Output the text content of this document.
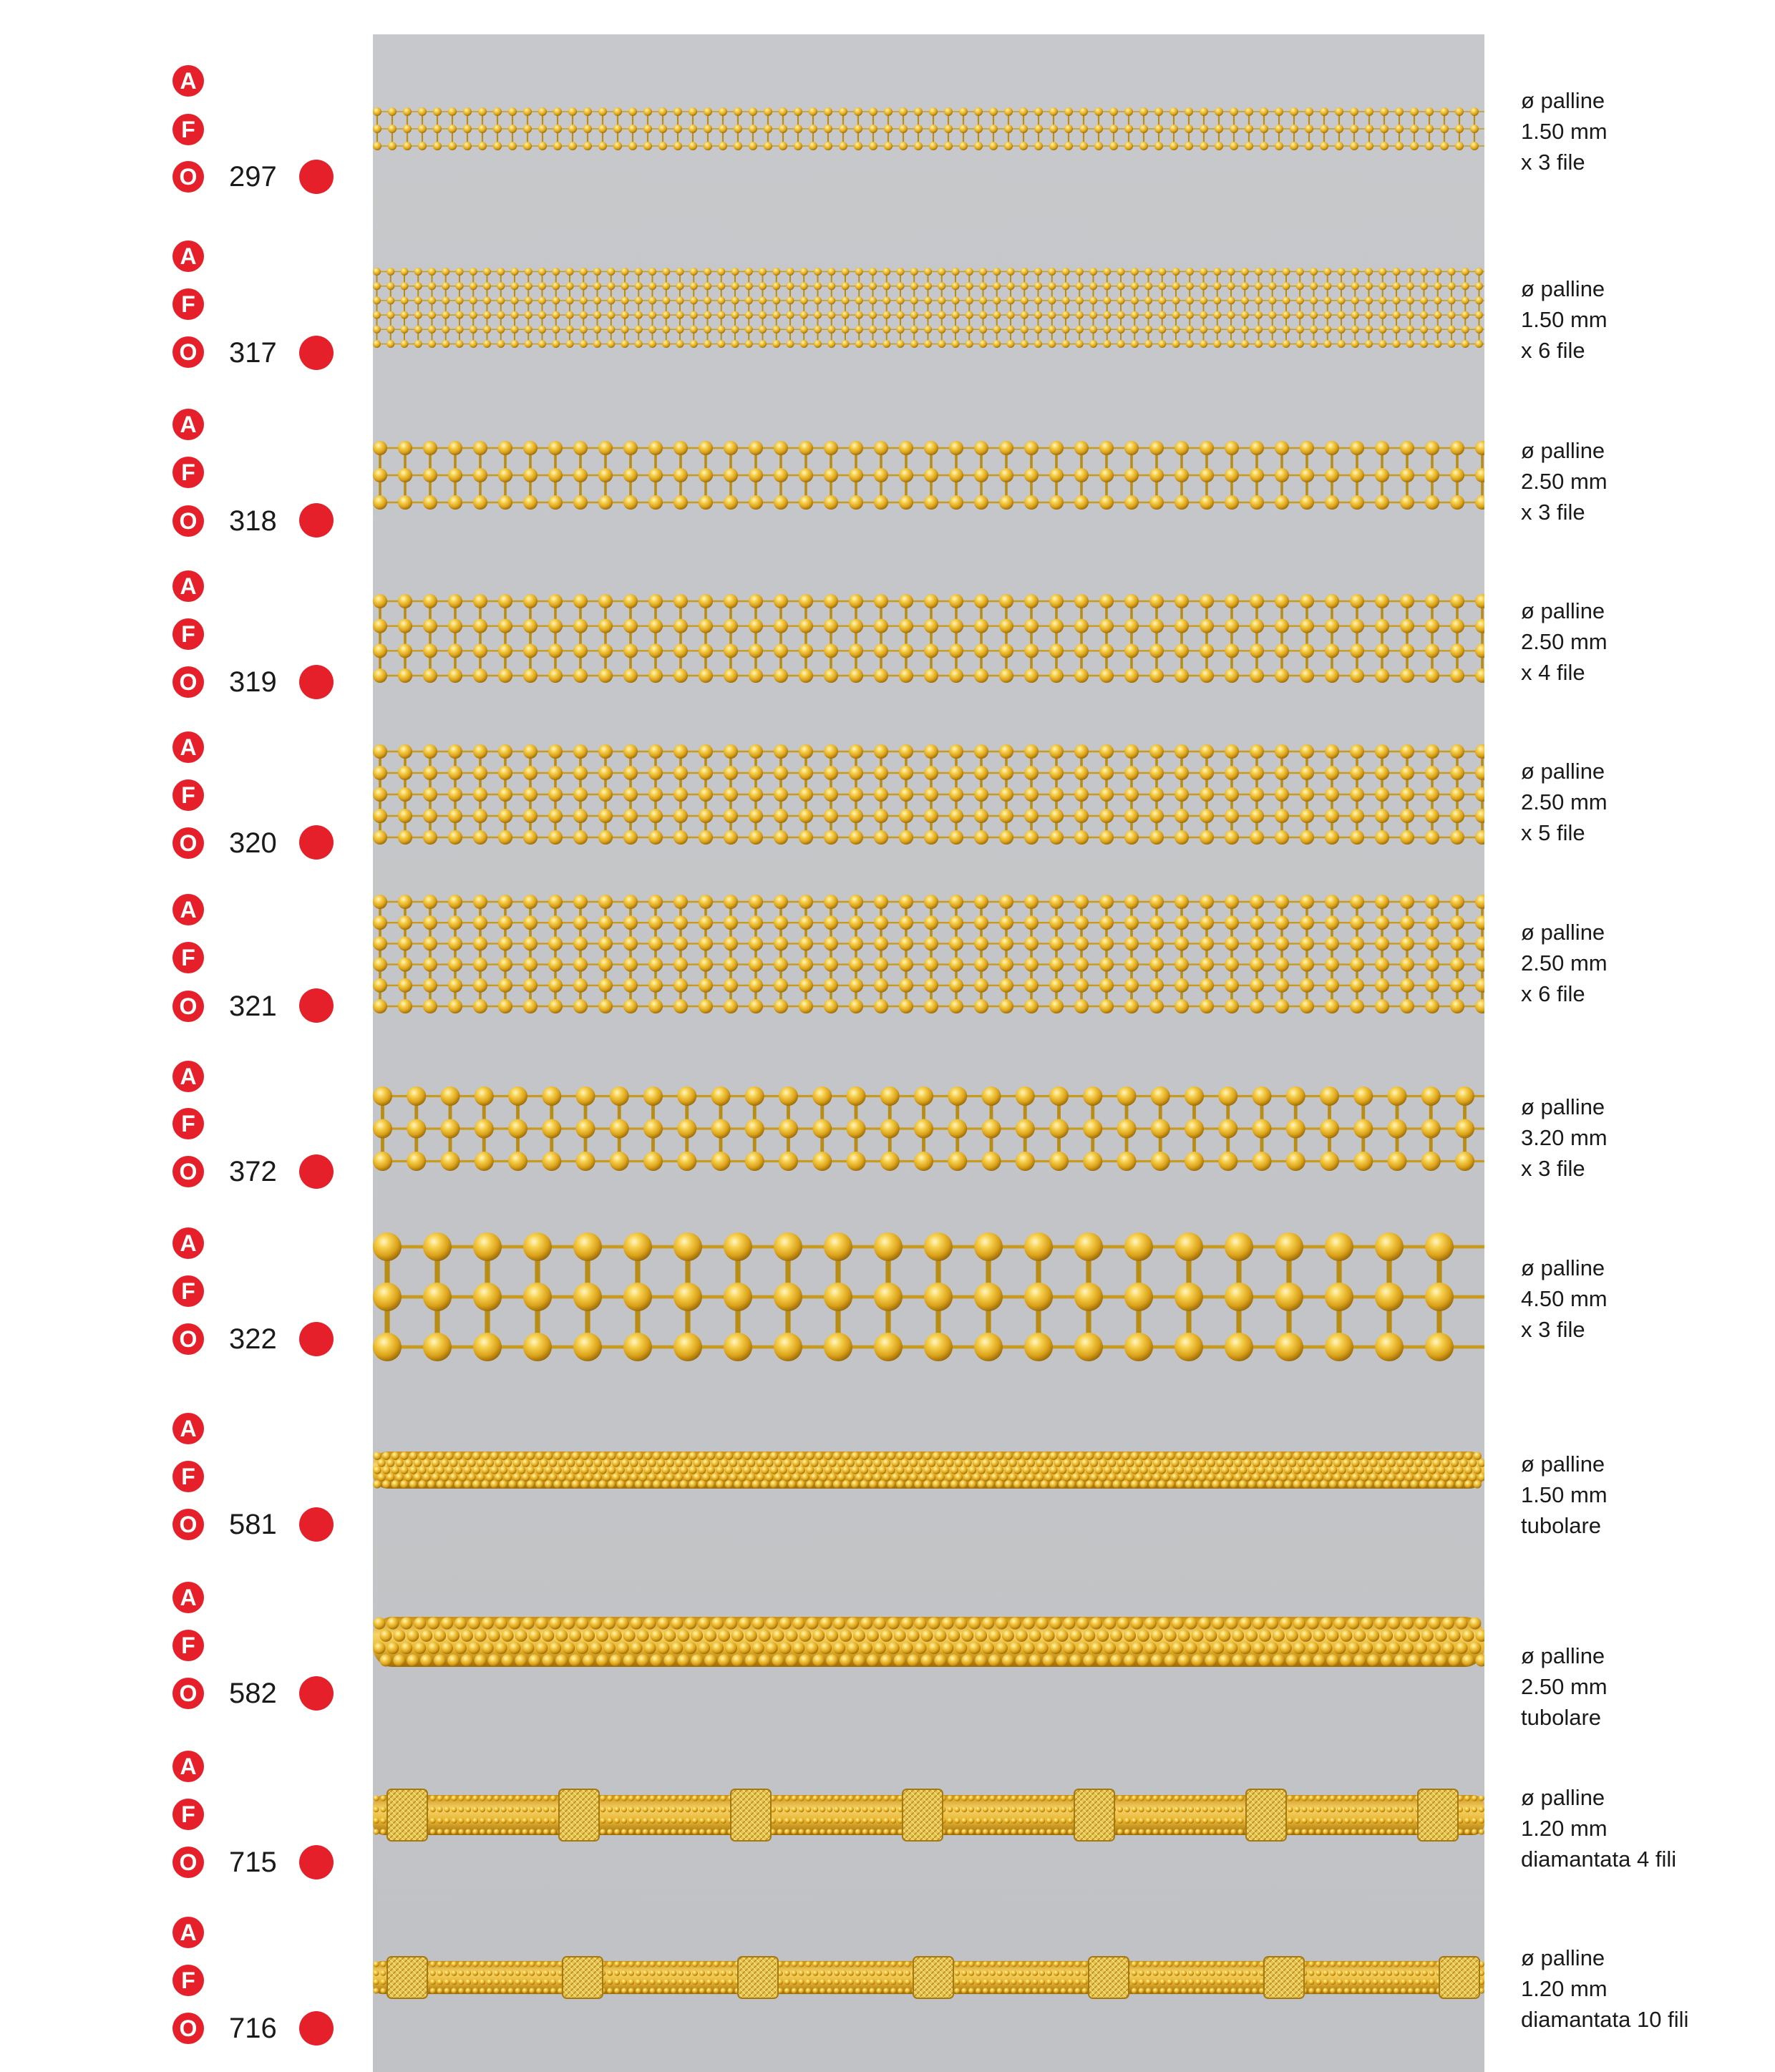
A
F
O 297
ø palline
1.50 mm
x 3 file
A
F
O 317
ø palline
1.50 mm
x 6 file
A
F
O 318
ø palline
2.50 mm
x 3 file
A
F
O 319
ø palline
2.50 mm
x 4 file
A
F
O 320
ø palline
2.50 mm
x 5 file
A
F
O 321
ø palline
2.50 mm
x 6 file
A
F
O 372
ø palline
3.20 mm
x 3 file
A
F
O 322
ø palline
4.50 mm
x 3 file
A
F
O 581
ø palline
1.50 mm
tubolare
A
F
O 582
ø palline
2.50 mm
tubolare
A
F
O 715
ø palline
1.20 mm
diamantata 4 fili
A
F
O 716
ø palline
1.20 mm
diamantata 10 fili
